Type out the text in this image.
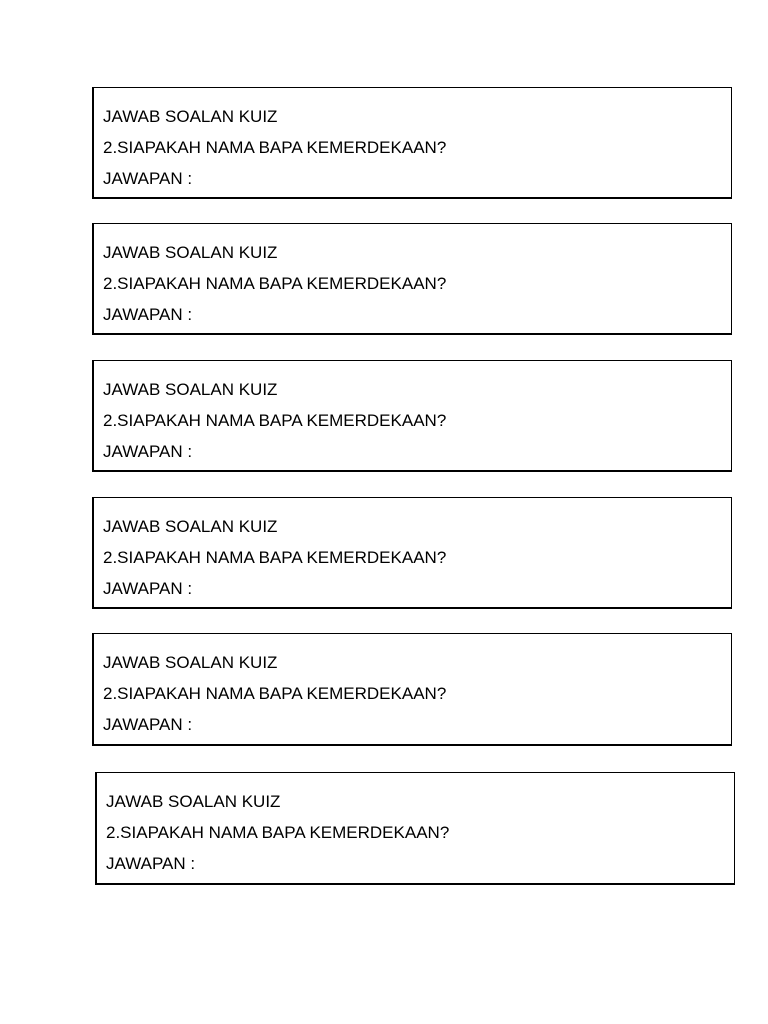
JAWAB SOALAN KUIZ
2.SIAPAKAH NAMA BAPA KEMERDEKAAN?
JAWAPAN :
JAWAB SOALAN KUIZ
2.SIAPAKAH NAMA BAPA KEMERDEKAAN?
JAWAPAN :
JAWAB SOALAN KUIZ
2.SIAPAKAH NAMA BAPA KEMERDEKAAN?
JAWAPAN :
JAWAB SOALAN KUIZ
2.SIAPAKAH NAMA BAPA KEMERDEKAAN?
JAWAPAN :
JAWAB SOALAN KUIZ
2.SIAPAKAH NAMA BAPA KEMERDEKAAN?
JAWAPAN :
JAWAB SOALAN KUIZ
2.SIAPAKAH NAMA BAPA KEMERDEKAAN?
JAWAPAN :
